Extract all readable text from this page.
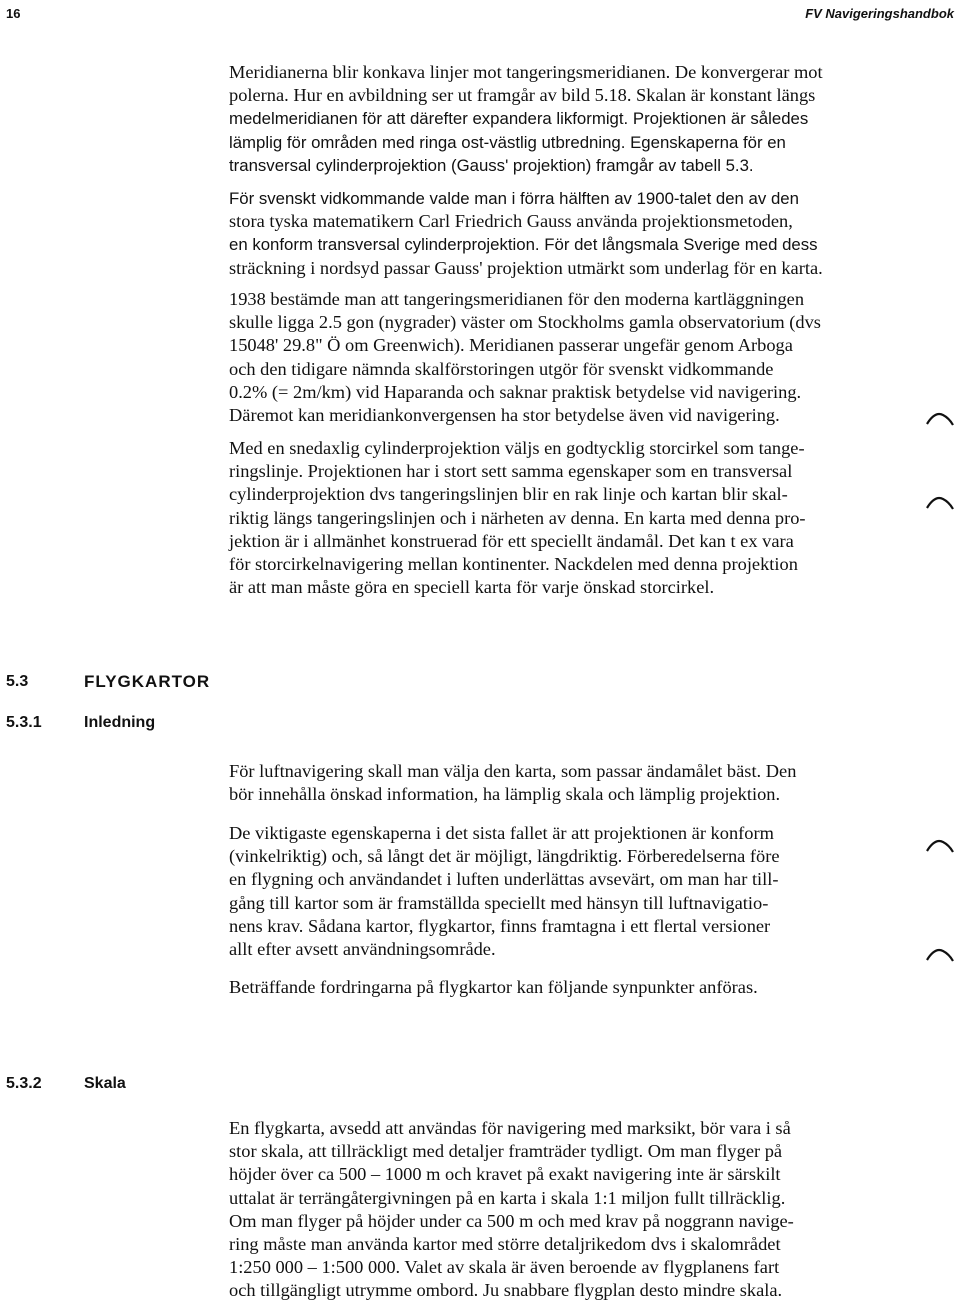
16	FV Navigeringshandbok
Meridianerna blir konkava linjer mot tangeringsmeridianen. De konvergerar mot
polerna. Hur en avbildning ser ut framgår av bild 5.18. Skalan är konstant längs
medelmeridianen för att därefter expandera likformigt. Projektionen är således
lämplig för områden med ringa ost-västlig utbredning. Egenskaperna för en
transversal cylinderprojektion (Gauss' projektion) framgår av tabell 5.3.
För svenskt vidkommande valde man i förra hälften av 1900-talet den av den
stora tyska matematikern Carl Friedrich Gauss använda projektionsmetoden,
en konform transversal cylinderprojektion. För det långsmala Sverige med dess
sträckning i nordsyd passar Gauss' projektion utmärkt som underlag för en karta.
1938 bestämde man att tangeringsmeridianen för den moderna kartläggningen
skulle ligga 2.5 gon (nygrader) väster om Stockholms gamla observatorium (dvs
15048' 29.8" Ö om Greenwich). Meridianen passerar ungefär genom Arboga
och den tidigare nämnda skalförstoringen utgör för svenskt vidkommande
0.2% (= 2m/km) vid Haparanda och saknar praktisk betydelse vid navigering.
Däremot kan meridiankonvergensen ha stor betydelse även vid navigering.
Med en snedaxlig cylinderprojektion väljs en godtycklig storcirkel som tange-
ringslinje. Projektionen har i stort sett samma egenskaper som en transversal
cylinderprojektion dvs tangeringslinjen blir en rak linje och kartan blir skal-
riktig längs tangeringslinjen och i närheten av denna. En karta med denna pro-
jektion är i allmänhet konstruerad för ett speciellt ändamål. Det kan t ex vara
för storcirkelnavigering mellan kontinenter. Nackdelen med denna projektion
är att man måste göra en speciell karta för varje önskad storcirkel.
5.3	FLYGKARTOR
5.3.1	Inledning
För luftnavigering skall man välja den karta, som passar ändamålet bäst. Den
bör innehålla önskad information, ha lämplig skala och lämplig projektion.
De viktigaste egenskaperna i det sista fallet är att projektionen är konform
(vinkelriktig) och, så långt det är möjligt, längdriktig. Förberedelserna före
en flygning och användandet i luften underlättas avsevärt, om man har till-
gång till kartor som är framställda speciellt med hänsyn till luftnavigatio-
nens krav. Sådana kartor, flygkartor, finns framtagna i ett flertal versioner
allt efter avsett användningsområde.
Beträffande fordringarna på flygkartor kan följande synpunkter anföras.
5.3.2	Skala
En flygkarta, avsedd att användas för navigering med marksikt, bör vara i så
stor skala, att tillräckligt med detaljer framträder tydligt. Om man flyger på
höjder över ca 500 – 1000 m och kravet på exakt navigering inte är särskilt
uttalat är terrängåtergivningen på en karta i skala 1:1 miljon fullt tillräcklig.
Om man flyger på höjder under ca 500 m och med krav på noggrann navige-
ring måste man använda kartor med större detaljrikedom dvs i skalområdet
1:250 000 – 1:500 000. Valet av skala är även beroende av flygplanens fart
och tillgängligt utrymme ombord. Ju snabbare flygplan desto mindre skala.
